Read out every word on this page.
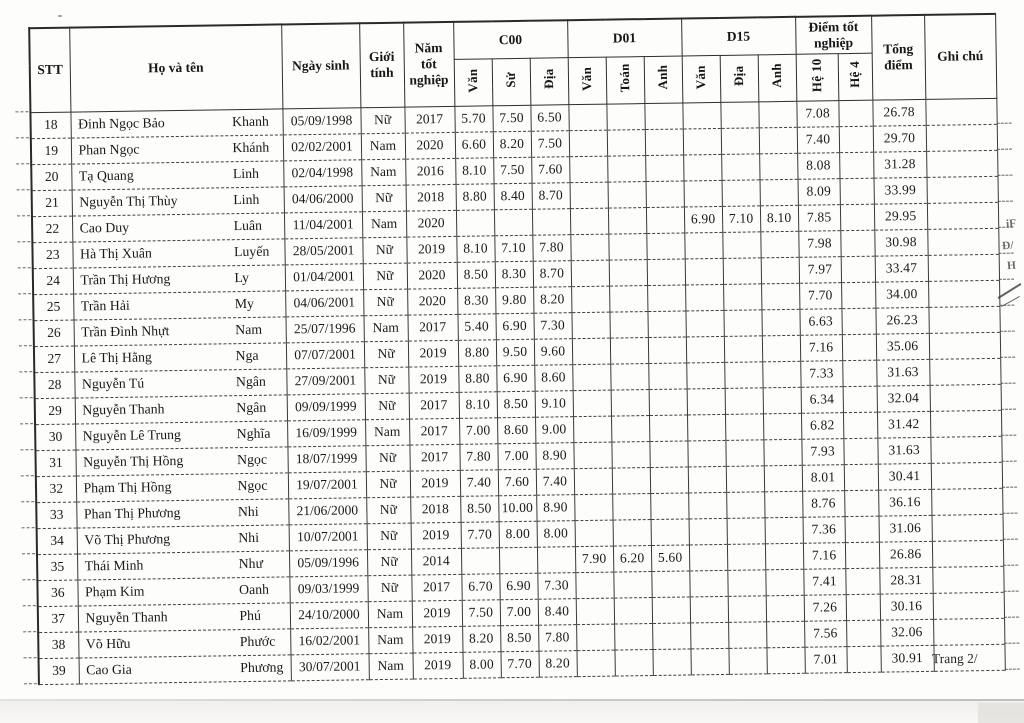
STT	Họ và tên	Ngày sinh	Giới tính	Năm tốt nghiệp	C00			D01			D15			Điểm tốt nghiệp		Tổng điểm	Ghi chú
					Văn	Sử	Địa	Văn	Toán	Anh	Văn	Địa	Anh	Hệ 10	Hệ 4		
18	Đinh Ngọc Bảo Khanh	05/09/1998	Nữ	2017	5.70	7.50	6.50							7.08		26.78	
19	Phan Ngọc Khánh	02/02/2001	Nam	2020	6.60	8.20	7.50							7.40		29.70	
20	Tạ Quang Linh	02/04/1998	Nam	2016	8.10	7.50	7.60							8.08		31.28	
21	Nguyễn Thị Thùy Linh	04/06/2000	Nữ	2018	8.80	8.40	8.70							8.09		33.99	
22	Cao Duy Luân	11/04/2001	Nam	2020							6.90	7.10	8.10	7.85		29.95	
23	Hà Thị Xuân Luyến	28/05/2001	Nữ	2019	8.10	7.10	7.80							7.98		30.98	
24	Trần Thị Hương Ly	01/04/2001	Nữ	2020	8.50	8.30	8.70							7.97		33.47	
25	Trần Hải My	04/06/2001	Nữ	2020	8.30	9.80	8.20							7.70		34.00	
26	Trần Đình Nhựt Nam	25/07/1996	Nam	2017	5.40	6.90	7.30							6.63		26.23	
27	Lê Thị Hằng Nga	07/07/2001	Nữ	2019	8.80	9.50	9.60							7.16		35.06	
28	Nguyễn Tú Ngân	27/09/2001	Nữ	2019	8.80	6.90	8.60							7.33		31.63	
29	Nguyễn Thanh Ngân	09/09/1999	Nữ	2017	8.10	8.50	9.10							6.34		32.04	
30	Nguyễn Lê Trung Nghĩa	16/09/1999	Nam	2017	7.00	8.60	9.00							6.82		31.42	
31	Nguyễn Thị Hồng Ngọc	18/07/1999	Nữ	2017	7.80	7.00	8.90							7.93		31.63	
32	Phạm Thị Hồng Ngọc	19/07/2001	Nữ	2019	7.40	7.60	7.40							8.01		30.41	
33	Phan Thị Phương Nhi	21/06/2000	Nữ	2018	8.50	10.00	8.90							8.76		36.16	
34	Võ Thị Phương Nhi	10/07/2001	Nữ	2019	7.70	8.00	8.00							7.36		31.06	
35	Thái Minh Như	05/09/1996	Nữ	2014				7.90	6.20	5.60				7.16		26.86	
36	Phạm Kim Oanh	09/03/1999	Nữ	2017	6.70	6.90	7.30							7.41		28.31	
37	Nguyễn Thanh Phú	24/10/2000	Nam	2019	7.50	7.00	8.40							7.26		30.16	
38	Võ Hữu Phước	16/02/2001	Nam	2019	8.20	8.50	7.80							7.56		32.06	
39	Cao Gia Phương	30/07/2001	Nam	2019	8.00	7.70	8.20							7.01		30.91	Trang 2/
iF
Đ/
H
